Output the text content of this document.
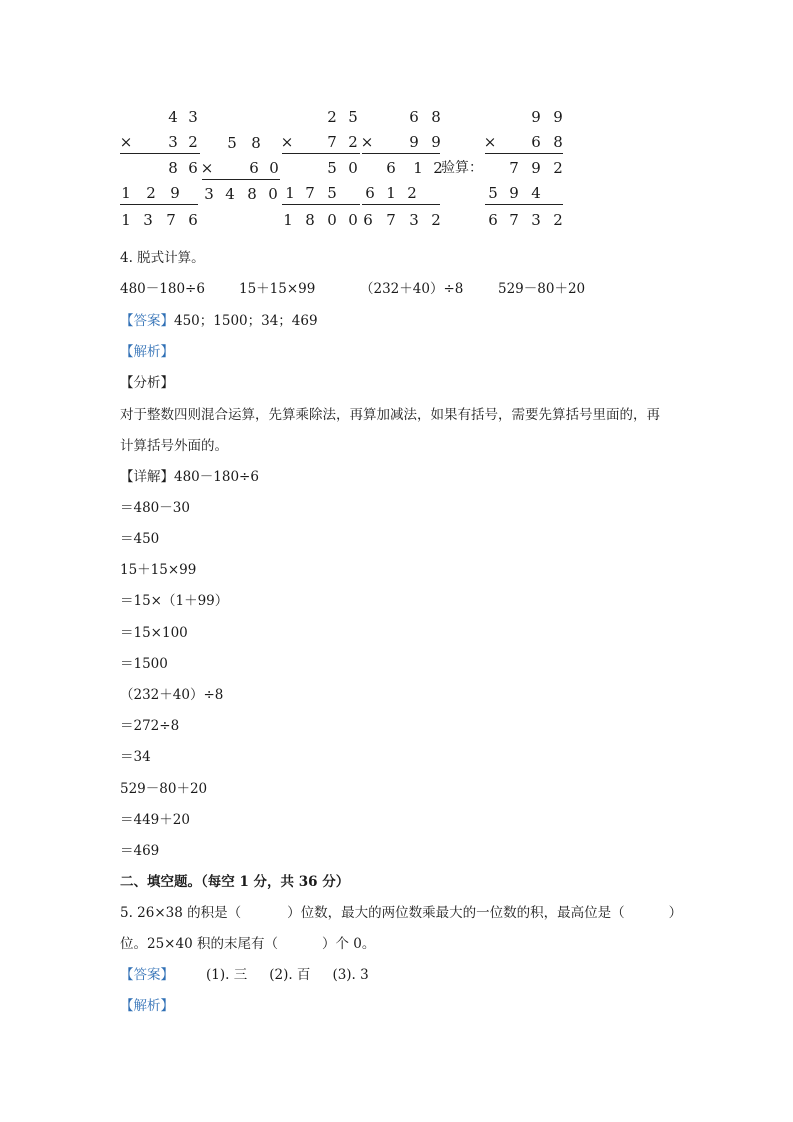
4 3
× 3 2
8 6
1 2 9
1 3 7 6
5 8
× 6 0
3 4 8 0
2 5
× 7 2
5 0
1 7 5
1 8 0 0
6 8
× 9 9
6 1 2
6 1 2
6 7 3 2
验算：
9 9
× 6 8
7 9 2
5 9 4
6 7 3 2
4. 脱式计算。
480－180÷6	15＋15×99	（232＋40）÷8	529－80＋20
【答案】450；1500；34；469
【解析】
【分析】
对于整数四则混合运算，先算乘除法，再算加减法，如果有括号，需要先算括号里面的，再
计算括号外面的。
【详解】480－180÷6
＝480－30
＝450
15＋15×99
＝15×（1＋99）
＝15×100
＝1500
（232＋40）÷8
＝272÷8
＝34
529－80＋20
＝449＋20
＝469
二、填空题。（每空 1 分，共 36 分）
5. 26×38 的积是（	）位数，最大的两位数乘最大的一位数的积，最高位是（	）
位。25×40 积的末尾有（	）个 0。
【答案】 (1). 三 (2). 百 (3). 3
【解析】
